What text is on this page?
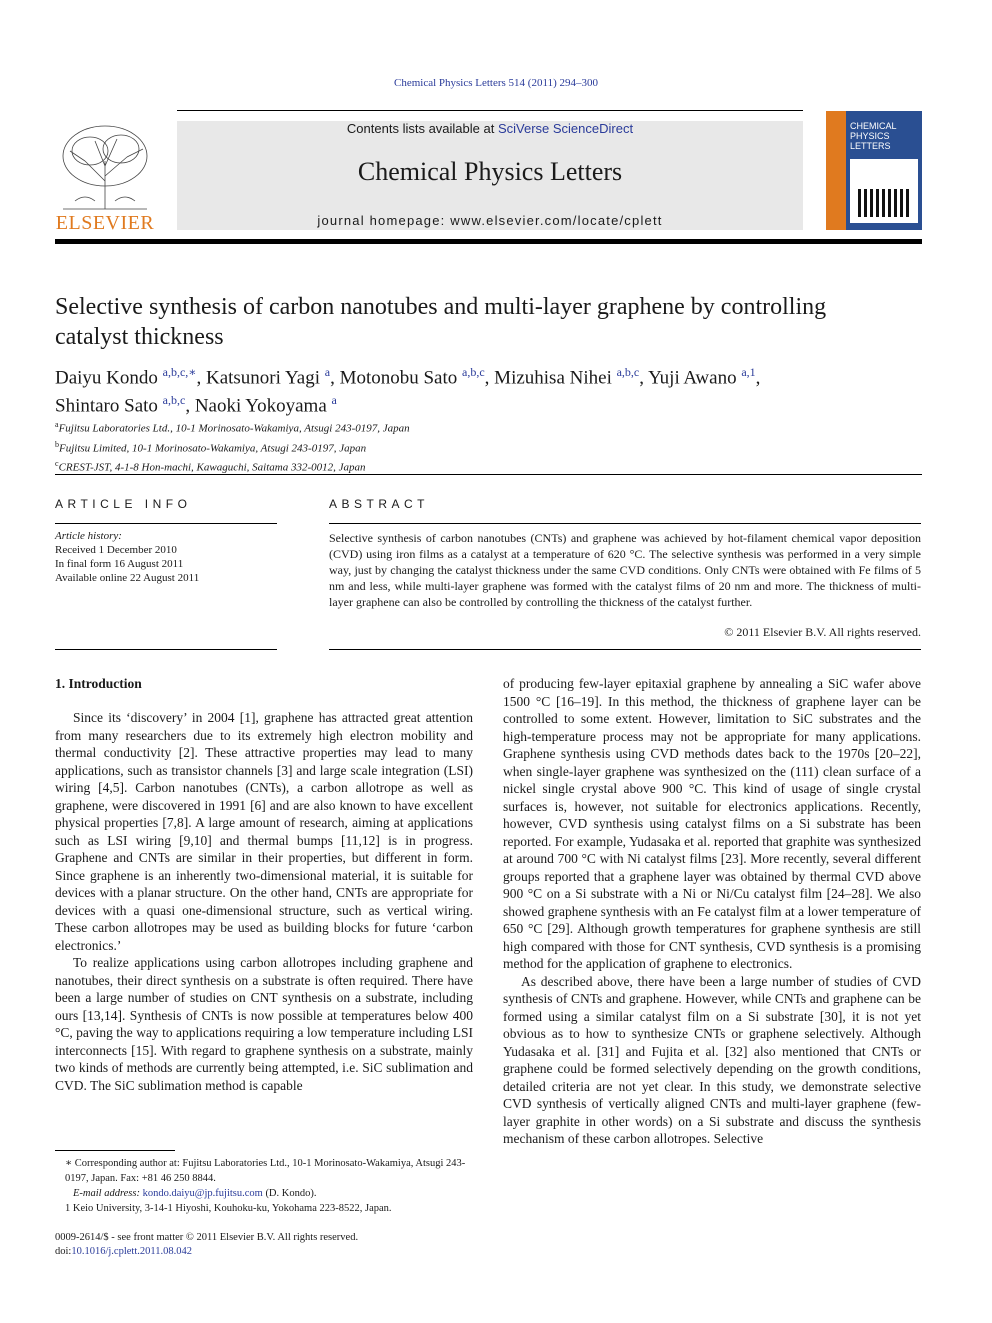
Chemical Physics Letters 514 (2011) 294–300
ELSEVIER
Contents lists available at SciVerse ScienceDirect
Chemical Physics Letters
journal homepage: www.elsevier.com/locate/cplett
CHEMICAL PHYSICS LETTERS
Selective synthesis of carbon nanotubes and multi-layer graphene by controlling catalyst thickness
Daiyu Kondo $^{a,b,c,∗}$, Katsunori Yagi $^a$, Motonobu Sato $^{a,b,c}$, Mizuhisa Nihei $^{a,b,c}$, Yuji Awano $^{a,1}$,
Shintaro Sato $^{a,b,c}$, Naoki Yokoyama $^a$
$^a$Fujitsu Laboratories Ltd., 10-1 Morinosato-Wakamiya, Atsugi 243-0197, Japan
$^b$Fujitsu Limited, 10-1 Morinosato-Wakamiya, Atsugi 243-0197, Japan
$^c$CREST-JST, 4-1-8 Hon-machi, Kawaguchi, Saitama 332-0012, Japan
ARTICLE INFO
Article history:
Received 1 December 2010
In final form 16 August 2011
Available online 22 August 2011
ABSTRACT
Selective synthesis of carbon nanotubes (CNTs) and graphene was achieved by hot-filament chemical vapor deposition (CVD) using iron films as a catalyst at a temperature of 620 °C. The selective synthesis was performed in a very simple way, just by changing the catalyst thickness under the same CVD conditions. Only CNTs were obtained with Fe films of 5 nm and less, while multi-layer graphene was formed with the catalyst films of 20 nm and more. The thickness of multi-layer graphene can also be controlled by controlling the thickness of the catalyst further.
© 2011 Elsevier B.V. All rights reserved.
1. Introduction

Since its ‘discovery’ in 2004 [1], graphene has attracted great attention from many researchers due to its extremely high electron mobility and thermal conductivity [2]. These attractive properties may lead to many applications, such as transistor channels [3] and large scale integration (LSI) wiring [4,5]. Carbon nanotubes (CNTs), a carbon allotrope as well as graphene, were discovered in 1991 [6] and are also known to have excellent physical properties [7,8]. A large amount of research, aiming at applications such as LSI wiring [9,10] and thermal bumps [11,12] is in progress. Graphene and CNTs are similar in their properties, but different in form. Since graphene is an inherently two-dimensional material, it is suitable for devices with a planar structure. On the other hand, CNTs are appropriate for devices with a quasi one-dimensional structure, such as vertical wiring. These carbon allotropes may be used as building blocks for future ‘carbon electronics.’

To realize applications using carbon allotropes including graphene and nanotubes, their direct synthesis on a substrate is often required. There have been a large number of studies on CNT synthesis on a substrate, including ours [13,14]. Synthesis of CNTs is now possible at temperatures below 400 °C, paving the way to applications requiring a low temperature including LSI interconnects [15]. With regard to graphene synthesis on a substrate, mainly two kinds of methods are currently being attempted, i.e. SiC sublimation and CVD. The SiC sublimation method is capable

of producing few-layer epitaxial graphene by annealing a SiC wafer above 1500 °C [16–19]. In this method, the thickness of graphene layer can be controlled to some extent. However, limitation to SiC substrates and the high-temperature process may not be appropriate for many applications. Graphene synthesis using CVD methods dates back to the 1970s [20–22], when single-layer graphene was synthesized on the (111) clean surface of a nickel single crystal above 900 °C. This kind of usage of single crystal surfaces is, however, not suitable for electronics applications. Recently, however, CVD synthesis using catalyst films on a Si substrate has been reported. For example, Yudasaka et al. reported that graphite was synthesized at around 700 °C with Ni catalyst films [23]. More recently, several different groups reported that a graphene layer was obtained by thermal CVD above 900 °C on a Si substrate with a Ni or Ni/Cu catalyst film [24–28]. We also showed graphene synthesis with an Fe catalyst film at a lower temperature of 650 °C [29]. Although growth temperatures for graphene synthesis are still high compared with those for CNT synthesis, CVD synthesis is a promising method for the application of graphene to electronics.

As described above, there have been a large number of studies of CVD synthesis of CNTs and graphene. However, while CNTs and graphene can be formed using a similar catalyst film on a Si substrate [30], it is not yet obvious as to how to synthesize CNTs or graphene selectively. Although Yudasaka et al. [31] and Fujita et al. [32] also mentioned that CNTs or graphene could be formed selectively depending on the growth conditions, detailed criteria are not yet clear. In this study, we demonstrate selective CVD synthesis of vertically aligned CNTs and multi-layer graphene (few-layer graphite in other words) on a Si substrate and discuss the synthesis mechanism of these carbon allotropes. Selective

∗ Corresponding author at: Fujitsu Laboratories Ltd., 10-1 Morinosato-Wakamiya, Atsugi 243-0197, Japan. Fax: +81 46 250 8844.

E-mail address: kondo.daiyu@jp.fujitsu.com (D. Kondo).

1 Keio University, 3-14-1 Hiyoshi, Kouhoku-ku, Yokohama 223-8522, Japan.

0009-2614/$ - see front matter © 2011 Elsevier B.V. All rights reserved.
doi:10.1016/j.cplett.2011.08.042
